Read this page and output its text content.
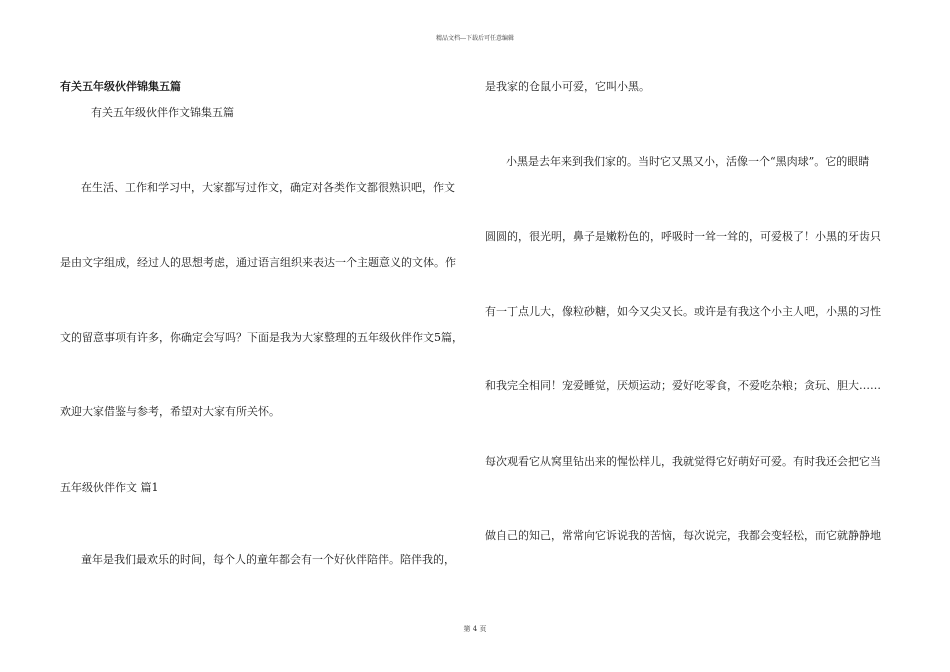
精品文档---下载后可任意编辑
有关五年级伙伴锦集五篇
有关五年级伙伴作文锦集五篇
在生活、工作和学习中，大家都写过作文，确定对各类作文都很熟识吧，作文
是由文字组成，经过人的思想考虑，通过语言组织来表达一个主题意义的文体。作
文的留意事项有许多，你确定会写吗？下面是我为大家整理的五年级伙伴作文5篇，
欢迎大家借鉴与参考，希望对大家有所关怀。
五年级伙伴作文 篇1
童年是我们最欢乐的时间，每个人的童年都会有一个好伙伴陪伴。陪伴我的，
是我家的仓鼠小可爱，它叫小黑。
小黑是去年来到我们家的。当时它又黑又小，活像一个“黑肉球”。它的眼睛
圆圆的，很光明，鼻子是嫩粉色的，呼吸时一耸一耸的，可爱极了！小黑的牙齿只
有一丁点儿大，像粒砂糖，如今又尖又长。或许是有我这个小主人吧，小黑的习性
和我完全相同！宠爱睡觉，厌烦运动；爱好吃零食，不爱吃杂粮；贪玩、胆大……
每次观看它从窝里钻出来的惺忪样儿，我就觉得它好萌好可爱。有时我还会把它当
做自己的知己，常常向它诉说我的苦恼，每次说完，我都会变轻松，而它就静静地
第 4 页
